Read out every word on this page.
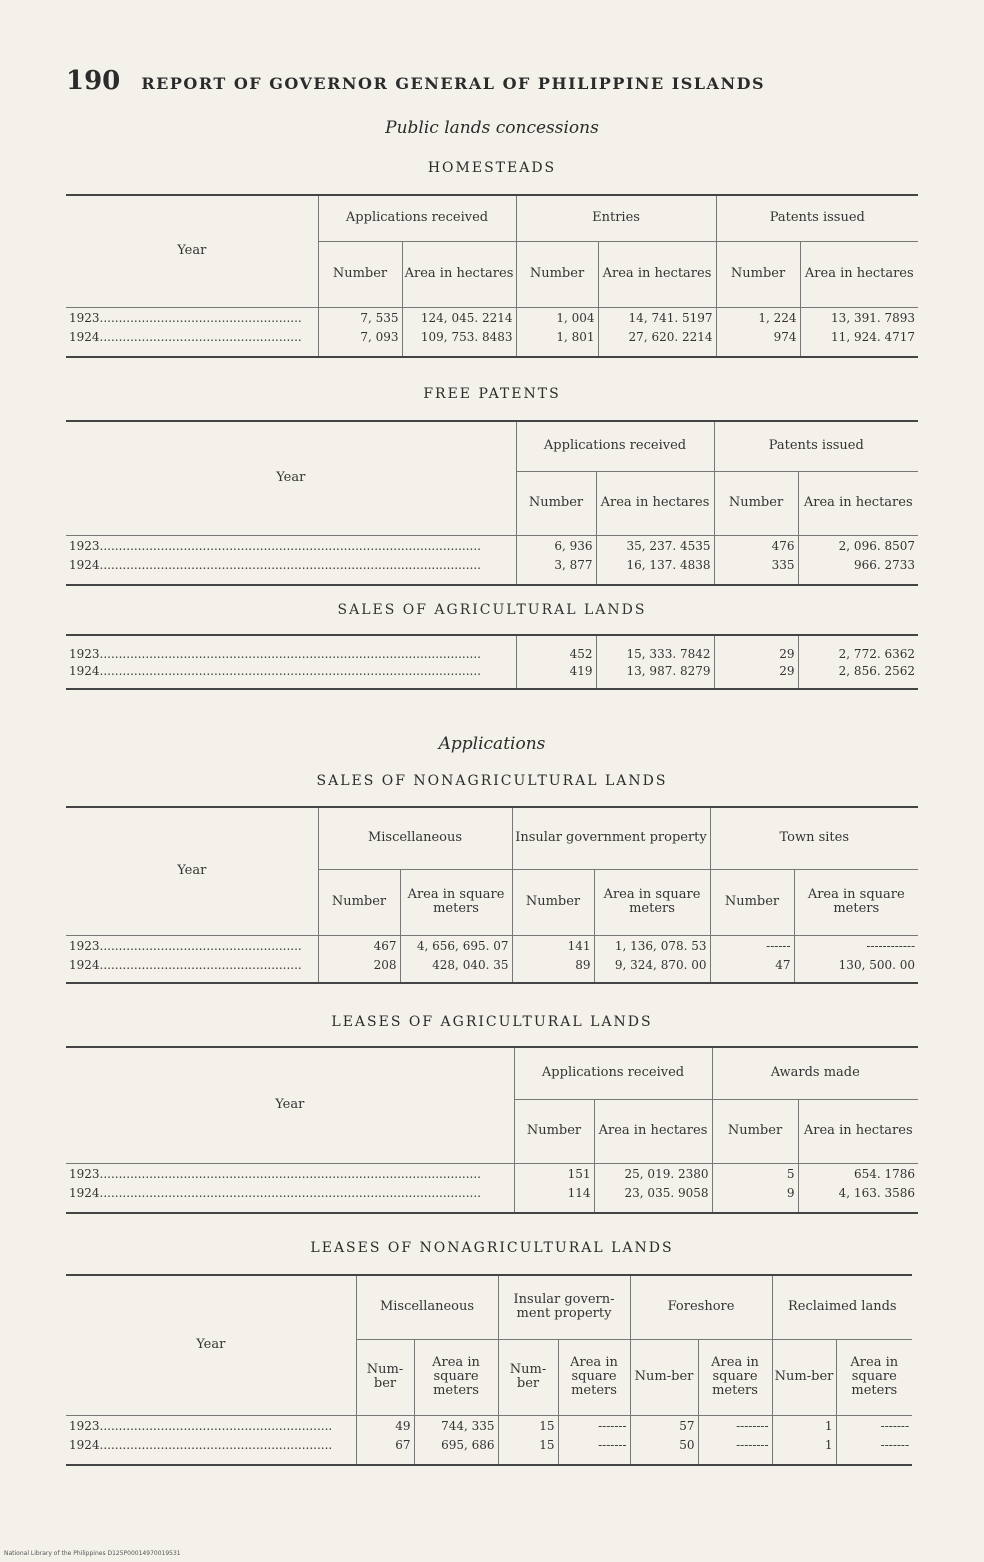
190 REPORT OF GOVERNOR GENERAL OF PHILIPPINE ISLANDS
Public lands concessions
HOMESTEADS
Year	Applications received		Entries		Patents issued	
	Number	Area in hectares	Number	Area in hectares	Number	Area in hectares
1923.....................................................	7, 535	124, 045. 2214	1, 004	14, 741. 5197	1, 224	13, 391. 7893
1924.....................................................	7, 093	109, 753. 8483	1, 801	27, 620. 2214	974	11, 924. 4717
FREE PATENTS
Year	Applications received		Patents issued	
	Number	Area in hectares	Number	Area in hectares
1923....................................................................................................	6, 936	35, 237. 4535	476	2, 096. 8507
1924....................................................................................................	3, 877	16, 137. 4838	335	966. 2733
SALES OF AGRICULTURAL LANDS				
1923....................................................................................................	452	15, 333. 7842	29	2, 772. 6362
1924....................................................................................................	419	13, 987. 8279	29	2, 856. 2562
Applications
SALES OF NONAGRICULTURAL LANDS
Year	Miscellaneous		Insular government property		Town sites	
	Number	Area in square meters	Number	Area in square meters	Number	Area in square meters
1923.....................................................	467	4, 656, 695. 07	141	1, 136, 078. 53	------	------------
1924.....................................................	208	428, 040. 35	89	9, 324, 870. 00	47	130, 500. 00
LEASES OF AGRICULTURAL LANDS
Year	Applications received		Awards made	
	Number	Area in hectares	Number	Area in hectares
1923....................................................................................................	151	25, 019. 2380	5	654. 1786
1924....................................................................................................	114	23, 035. 9058	9	4, 163. 3586
LEASES OF NONAGRICULTURAL LANDS
Year	Miscellaneous		Insular govern-ment property		Foreshore		Reclaimed lands	
	Num-ber	Area in square meters	Num-ber	Area in square meters	Num-ber	Area in square meters	Num-ber	Area in square meters
1923.............................................................	49	744, 335	15	-------	57	--------	1	-------
1924.............................................................	67	695, 686	15	-------	50	--------	1	-------
National Library of the Philippines D125P00014970019531
